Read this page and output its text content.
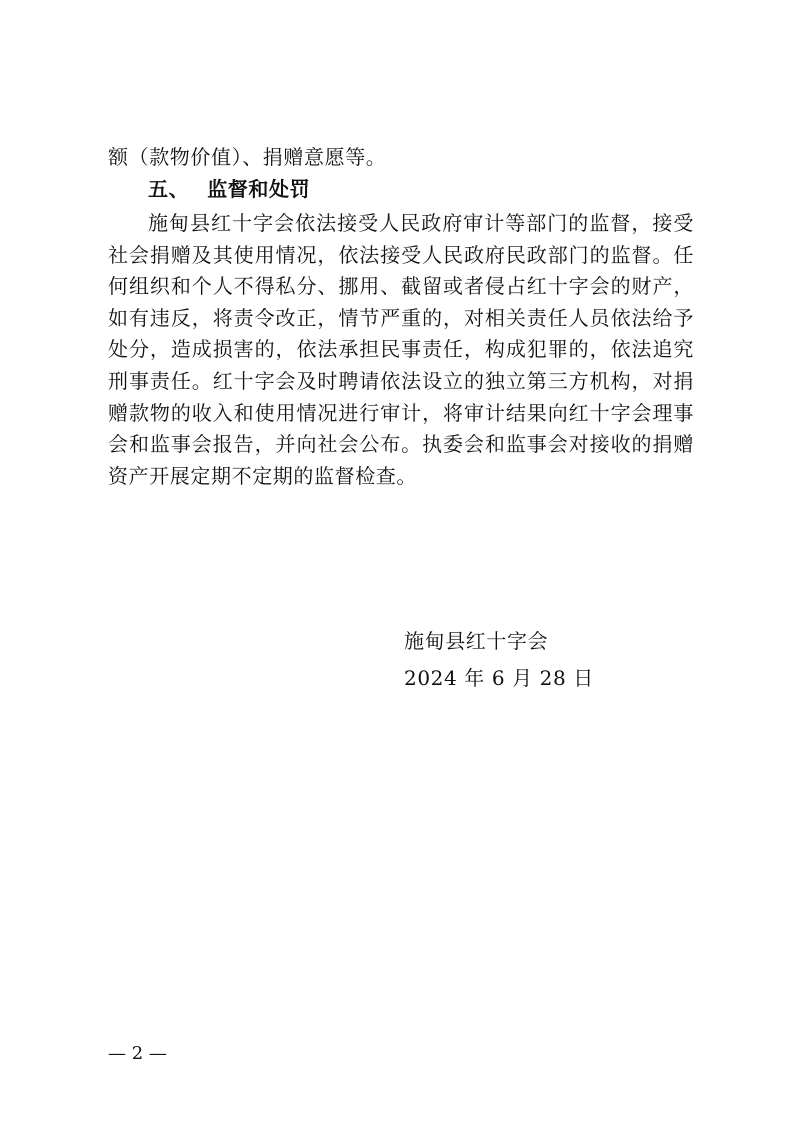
额（款物价值）、捐赠意愿等。

五、 监督和处罚

施甸县红十字会依法接受人民政府审计等部门的监督，接受社会捐赠及其使用情况，依法接受人民政府民政部门的监督。任何组织和个人不得私分、挪用、截留或者侵占红十字会的财产，如有违反，将责令改正，情节严重的，对相关责任人员依法给予处分，造成损害的，依法承担民事责任，构成犯罪的，依法追究刑事责任。红十字会及时聘请依法设立的独立第三方机构，对捐赠款物的收入和使用情况进行审计，将审计结果向红十字会理事会和监事会报告，并向社会公布。执委会和监事会对接收的捐赠资产开展定期不定期的监督检查。

施甸县红十字会

2024 年 6 月 28 日

— 2 —
